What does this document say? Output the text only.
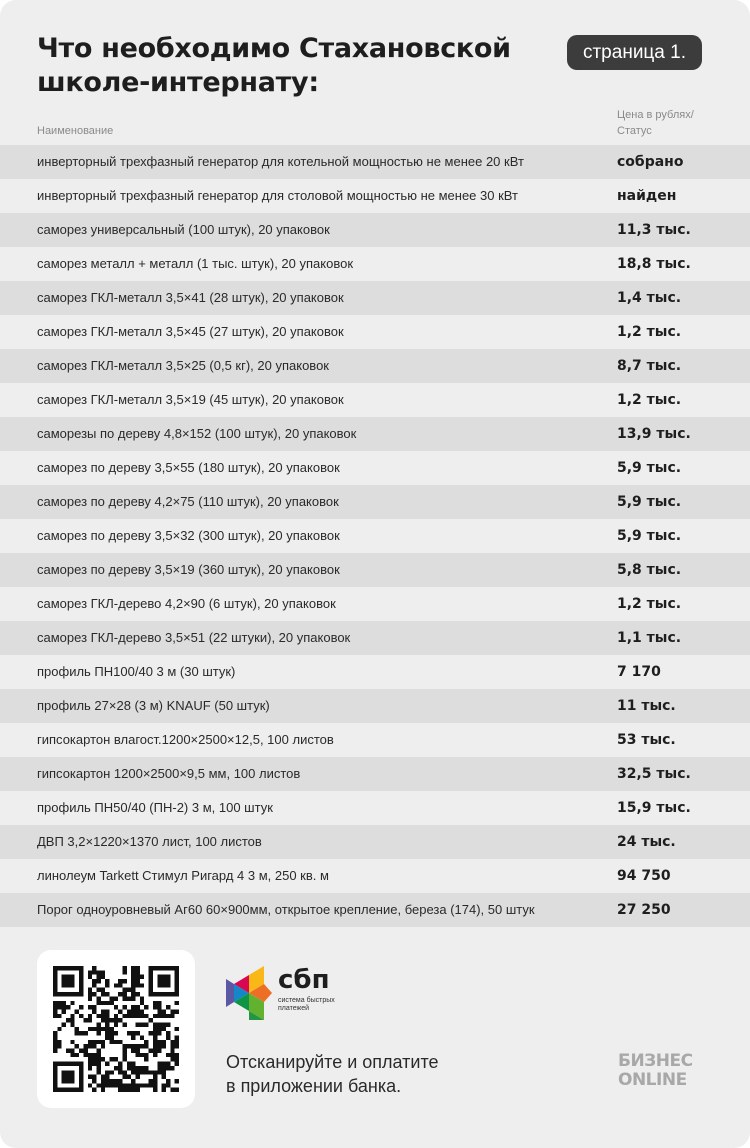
Что необходимо Стахановской школе-интернату:
страница 1.
Наименование
Цена в рублях/
Статус
инверторный трехфазный генератор для котельной мощностью не менее 20 кВт	собрано
инверторный трехфазный генератор для столовой мощностью не менее 30 кВт	найден
саморез универсальный (100 штук), 20 упаковок	11,3 тыс.
саморез металл + металл (1 тыс. штук), 20 упаковок	18,8 тыс.
саморез ГКЛ-металл 3,5×41 (28 штук), 20 упаковок	1,4 тыс.
саморез ГКЛ-металл 3,5×45 (27 штук), 20 упаковок	1,2 тыс.
саморез ГКЛ-металл 3,5×25 (0,5 кг), 20 упаковок	8,7 тыс.
саморез ГКЛ-металл 3,5×19 (45 штук), 20 упаковок	1,2 тыс.
саморезы по дереву 4,8×152 (100 штук), 20 упаковок	13,9 тыс.
саморез по дереву 3,5×55 (180 штук), 20 упаковок	5,9 тыс.
саморез по дереву 4,2×75 (110 штук), 20 упаковок	5,9 тыс.
саморез по дереву 3,5×32 (300 штук), 20 упаковок	5,9 тыс.
саморез по дереву 3,5×19 (360 штук), 20 упаковок	5,8 тыс.
саморез ГКЛ-дерево 4,2×90 (6 штук), 20 упаковок	1,2 тыс.
саморез ГКЛ-дерево 3,5×51 (22 штуки), 20 упаковок	1,1 тыс.
профиль ПН100/40 3 м (30 штук)	7 170
профиль 27×28 (3 м) KNAUF (50 штук)	11 тыс.
гипсокартон влагост.1200×2500×12,5, 100 листов	53 тыс.
гипсокартон 1200×2500×9,5 мм, 100 листов	32,5 тыс.
профиль ПН50/40 (ПН-2) 3 м, 100 штук	15,9 тыс.
ДВП 3,2×1220×1370 лист, 100 листов	24 тыс.
линолеум Tarkett Стимул Ригард 4 3 м, 250 кв. м	94 750
Порог одноуровневый Аг60 60×900мм, открытое крепление, береза (174), 50 штук	27 250
сбп
система быстрых платежей
Отсканируйте и оплатите
в приложении банка.
БИЗНЕС
ONLINE
